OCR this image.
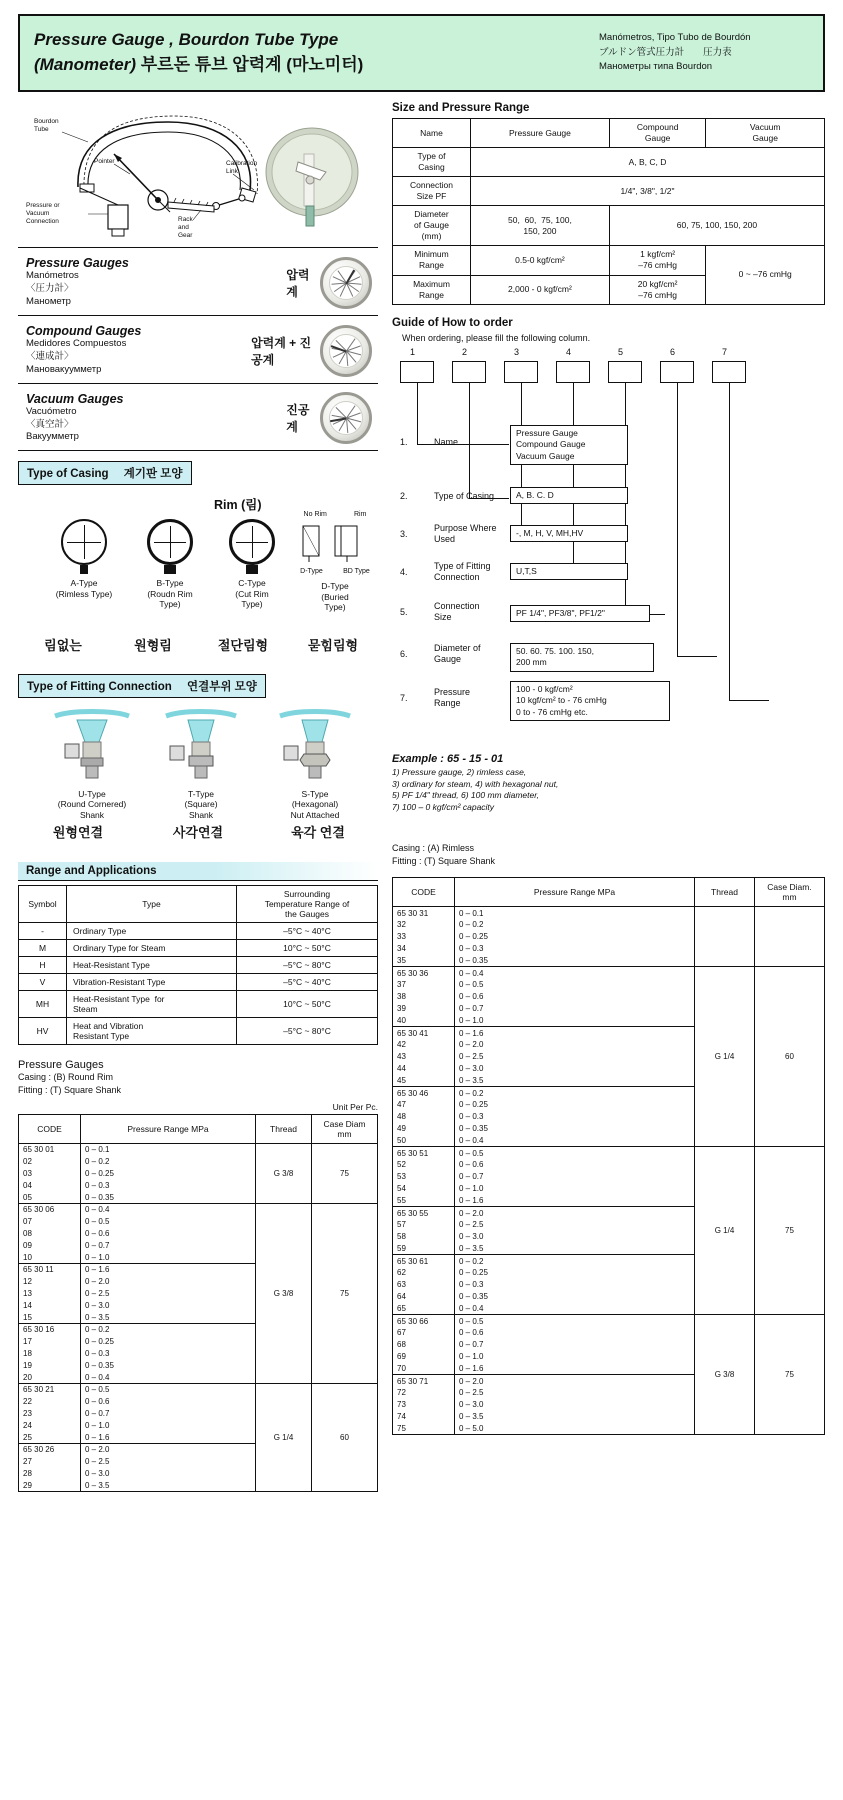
Pressure Gauge , Bourdon Tube Type
(Manometer) 부르돈 튜브 압력계 (마노미터)
Manómetros, Tipo Tubo de Bourdón
ブルドン管式圧力計　　圧力表
Манометры типа Bourdon
Bourdon
Tube
Pointer	Calibration
Link
Rack
and
Gear
Pressure or
Vacuum
Connection
Pressure Gauges
Manómetros
〈圧力計〉
Манометр
압력계
Compound Gauges
Medidores Compuestos
〈連成計〉
Мановакуумметр
압력계 + 진공계
Vacuum Gauges
Vacuómetro
〈真空計〉
Вакуумметр
진공계
Type of Casing 계기판 모양
Rim (림)
A-Type
(Rimless Type)
B-Type
(Roudn Rim
Type)
C-Type
(Cut Rim
Type)
No Rim	Rim
D-Type	BD Type
D-Type
(Buried
Type)
림없는	원형림	절단림형	묻힘림형
Type of Fitting Connection 연결부위 모양
U-Type
(Round Cornered)
Shank
T-Type
(Square)
Shank
S-Type
(Hexagonal)
Nut Attached
원형연결	사각연결	육각 연결
Range and Applications
Symbol	Type	Surrounding
Temperature Range of
the Gauges
-	Ordinary Type	–5°C ~ 40°C
M	Ordinary Type for Steam	10°C ~ 50°C
H	Heat-Resistant Type	–5°C ~ 80°C
V	Vibration-Resistant Type	–5°C ~ 40°C
MH	Heat-Resistant Type  for
Steam	10°C ~ 50°C
HV	Heat and Vibration
Resistant Type	–5°C ~ 80°C
Pressure Gauges
Casing : (B) Round Rim
Fitting : (T) Square Shank
Unit Per Pc.
CODE	Pressure Range MPa	Thread	Case Diam
mm
65 30 01	0 – 0.1	G 3/8	75
02	0 – 0.2		
03	0 – 0.25		
04	0 – 0.3		
05	0 – 0.35		
65 30 06	0 – 0.4	G 3/8	75
07	0 – 0.5		
08	0 – 0.6		
09	0 – 0.7		
10	0 – 1.0		
65 30 11	0 – 1.6		
12	0 – 2.0		
13	0 – 2.5		
14	0 – 3.0		
15	0 – 3.5		
65 30 16	0 – 0.2		
17	0 – 0.25		
18	0 – 0.3		
19	0 – 0.35		
20	0 – 0.4		
65 30 21	0 – 0.5	G 1/4	60
22	0 – 0.6		
23	0 – 0.7		
24	0 – 1.0		
25	0 – 1.6		
65 30 26	0 – 2.0		
27	0 – 2.5		
28	0 – 3.0		
29	0 – 3.5		
Size and Pressure Range
Name	Pressure Gauge	Compound
Gauge	Vacuum
Gauge
Type of
Casing	A, B, C, D		
Connection
Size PF	1/4", 3/8", 1/2"		
Diameter
of Gauge
(mm)	50,  60,  75, 100,
150, 200	60, 75, 100, 150, 200	
Minimum
Range	0.5-0 kgf/cm²	1 kgf/cm²
–76 cmHg	0 ~ –76 cmHg
Maximum
Range	2,000 - 0 kgf/cm²	20 kgf/cm²
–76 cmHg	
Guide of How to order
When ordering, please fill the following column.
1	2	3	4	5	6	7
1.	Name
Pressure Gauge
Compound Gauge
Vacuum Gauge
2.	Type of Casing	A, B. C. D
3.
Purpose Where
Used
-, M, H, V, MH,HV
4.
Type of Fitting
Connection
U,T,S
5.
Connection
Size	PF 1/4", PF3/8", PF1/2"
6.
Diameter of
Gauge
50. 60. 75. 100. 150,
200 mm
7.
Pressure
Range
100 - 0 kgf/cm²
10 kgf/cm² to - 76 cmHg
0 to - 76 cmHg etc.
Example : 65 - 15 - 01
1) Pressure gauge, 2) rimless case,
3) ordinary for steam, 4) with hexagonal nut,
5) PF 1/4" thread, 6) 100 mm diameter,
7) 100 – 0 kgf/cm² capacity
Casing : (A) Rimless
Fitting : (T) Square Shank
CODE	Pressure Range MPa	Thread	Case Diam.
mm
65 30 31	0 – 0.1		
32	0 – 0.2		
33	0 – 0.25		
34	0 – 0.3		
35	0 – 0.35		
65 30 36	0 – 0.4	G 1/4	60
37	0 – 0.5		
38	0 – 0.6		
39	0 – 0.7		
40	0 – 1.0		
65 30 41	0 – 1.6		
42	0 – 2.0		
43	0 – 2.5		
44	0 – 3.0		
45	0 – 3.5		
65 30 46	0 – 0.2		
47	0 – 0.25		
48	0 – 0.3		
49	0 – 0.35		
50	0 – 0.4		
65 30 51	0 – 0.5	G 1/4	75
52	0 – 0.6		
53	0 – 0.7		
54	0 – 1.0		
55	0 – 1.6		
65 30 55	0 – 2.0		
57	0 – 2.5		
58	0 – 3.0		
59	0 – 3.5		
65 30 61	0 – 0.2		
62	0 – 0.25		
63	0 – 0.3		
64	0 – 0.35		
65	0 – 0.4		
65 30 66	0 – 0.5	G 3/8	75
67	0 – 0.6		
68	0 – 0.7		
69	0 – 1.0		
70	0 – 1.6		
65 30 71	0 – 2.0		
72	0 – 2.5		
73	0 – 3.0		
74	0 – 3.5		
75	0 – 5.0		
